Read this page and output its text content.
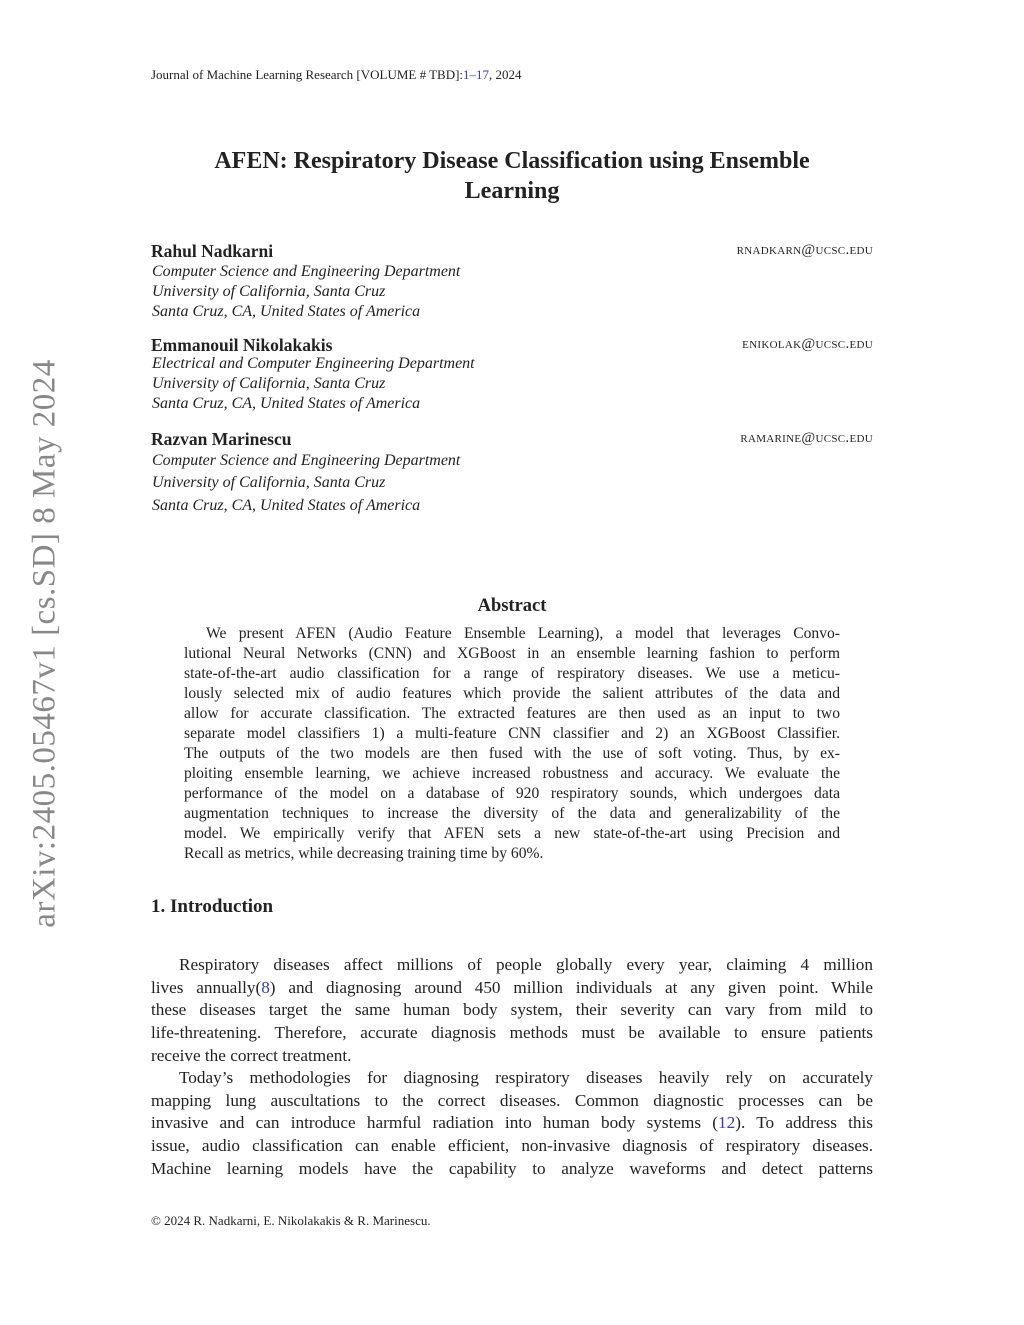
Journal of Machine Learning Research [VOLUME # TBD]:1–17, 2024
arXiv:2405.05467v1 [cs.SD] 8 May 2024
AFEN: Respiratory Disease Classification using Ensemble
Learning
Rahul Nadkarni	rnadkarn@ucsc.edu
Computer Science and Engineering Department
University of California, Santa Cruz
Santa Cruz, CA, United States of America
Emmanouil Nikolakakis	enikolak@ucsc.edu
Electrical and Computer Engineering Department
University of California, Santa Cruz
Santa Cruz, CA, United States of America
Razvan Marinescu	ramarine@ucsc.edu
Computer Science and Engineering Department
University of California, Santa Cruz
Santa Cruz, CA, United States of America
Abstract
We present AFEN (Audio Feature Ensemble Learning), a model that leverages Convo-
lutional Neural Networks (CNN) and XGBoost in an ensemble learning fashion to perform
state-of-the-art audio classification for a range of respiratory diseases. We use a meticu-
lously selected mix of audio features which provide the salient attributes of the data and
allow for accurate classification. The extracted features are then used as an input to two
separate model classifiers 1) a multi-feature CNN classifier and 2) an XGBoost Classifier.
The outputs of the two models are then fused with the use of soft voting. Thus, by ex-
ploiting ensemble learning, we achieve increased robustness and accuracy. We evaluate the
performance of the model on a database of 920 respiratory sounds, which undergoes data
augmentation techniques to increase the diversity of the data and generalizability of the
model. We empirically verify that AFEN sets a new state-of-the-art using Precision and
Recall as metrics, while decreasing training time by 60%.
1. Introduction
Respiratory diseases affect millions of people globally every year, claiming 4 million
lives annually(8) and diagnosing around 450 million individuals at any given point. While
these diseases target the same human body system, their severity can vary from mild to
life-threatening. Therefore, accurate diagnosis methods must be available to ensure patients
receive the correct treatment.
Today’s methodologies for diagnosing respiratory diseases heavily rely on accurately
mapping lung auscultations to the correct diseases. Common diagnostic processes can be
invasive and can introduce harmful radiation into human body systems (12). To address this
issue, audio classification can enable efficient, non-invasive diagnosis of respiratory diseases.
Machine learning models have the capability to analyze waveforms and detect patterns
© 2024 R. Nadkarni, E. Nikolakakis & R. Marinescu.
